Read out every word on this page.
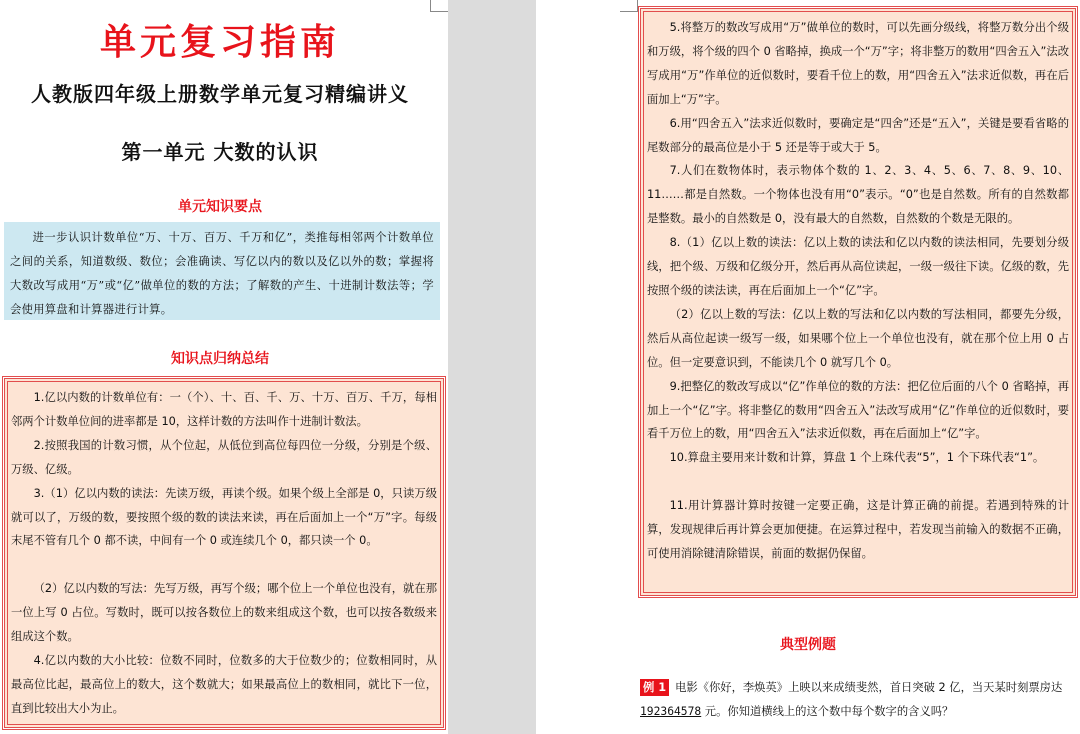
单元复习指南
人教版四年级上册数学单元复习精编讲义
第一单元 大数的认识
单元知识要点

进一步认识计数单位“万、十万、百万、千万和亿”，类推每相邻两个计数单位之间的关系，知道数级、数位；会准确读、写亿以内的数以及亿以外的数；掌握将大数改写成用“万”或“亿”做单位的数的方法；了解数的产生、十进制计数法等；学会使用算盘和计算器进行计算。

知识点归纳总结

1.亿以内数的计数单位有：一（个）、十、百、千、万、十万、百万、千万，每相邻两个计数单位间的进率都是 10，这样计数的方法叫作十进制计数法。

2.按照我国的计数习惯，从个位起，从低位到高位每四位一分级，分别是个级、万级、亿级。

3.（1）亿以内数的读法：先读万级，再读个级。如果个级上全部是 0，只读万级就可以了，万级的数，要按照个级的数的读法来读，再在后面加上一个“万”字。每级末尾不管有几个 0 都不读，中间有一个 0 或连续几个 0，都只读一个 0。

（2）亿以内数的写法：先写万级，再写个级；哪个位上一个单位也没有，就在那一位上写 0 占位。写数时，既可以按各数位上的数来组成这个数，也可以按各数级来组成这个数。

4.亿以内数的大小比较：位数不同时，位数多的大于位数少的；位数相同时，从最高位比起，最高位上的数大，这个数就大；如果最高位上的数相同，就比下一位，直到比较出大小为止。

5.将整万的数改写成用“万”做单位的数时，可以先画分级线，将整万数分出个级和万级，将个级的四个 0 省略掉，换成一个“万”字；将非整万的数用“四舍五入”法改写成用“万”作单位的近似数时，要看千位上的数，用“四舍五入”法求近似数，再在后面加上“万”字。

6.用“四舍五入”法求近似数时，要确定是“四舍”还是“五入”，关键是要看省略的尾数部分的最高位是小于 5 还是等于或大于 5。

7.人们在数物体时，表示物体个数的 1、2、3、4、5、6、7、8、9、10、11……都是自然数。一个物体也没有用“0”表示。“0”也是自然数。所有的自然数都是整数。最小的自然数是 0，没有最大的自然数，自然数的个数是无限的。

8.（1）亿以上数的读法：亿以上数的读法和亿以内数的读法相同，先要划分级线，把个级、万级和亿级分开，然后再从高位读起，一级一级往下读。亿级的数，先按照个级的读法读，再在后面加上一个“亿”字。

（2）亿以上数的写法：亿以上数的写法和亿以内数的写法相同，都要先分级，然后从高位起读一级写一级，如果哪个位上一个单位也没有，就在那个位上用 0 占位。但一定要意识到，不能读几个 0 就写几个 0。

9.把整亿的数改写成以“亿”作单位的数的方法：把亿位后面的八个 0 省略掉，再加上一个“亿”字。将非整亿的数用“四舍五入”法改写成用“亿”作单位的近似数时，要看千万位上的数，用“四舍五入”法求近似数，再在后面加上“亿”字。

10.算盘主要用来计数和计算，算盘 1 个上珠代表“5”，1 个下珠代表“1”。

11.用计算器计算时按键一定要正确，这是计算正确的前提。若遇到特殊的计算，发现规律后再计算会更加便捷。在运算过程中，若发现当前输入的数据不正确，可使用消除键清除错误，前面的数据仍保留。

典型例题
例 1 电影《你好，李焕英》上映以来成绩斐然，首日突破 2 亿，当天某时刻票房达 192364578 元。你知道横线上的这个数中每个数字的含义吗？
